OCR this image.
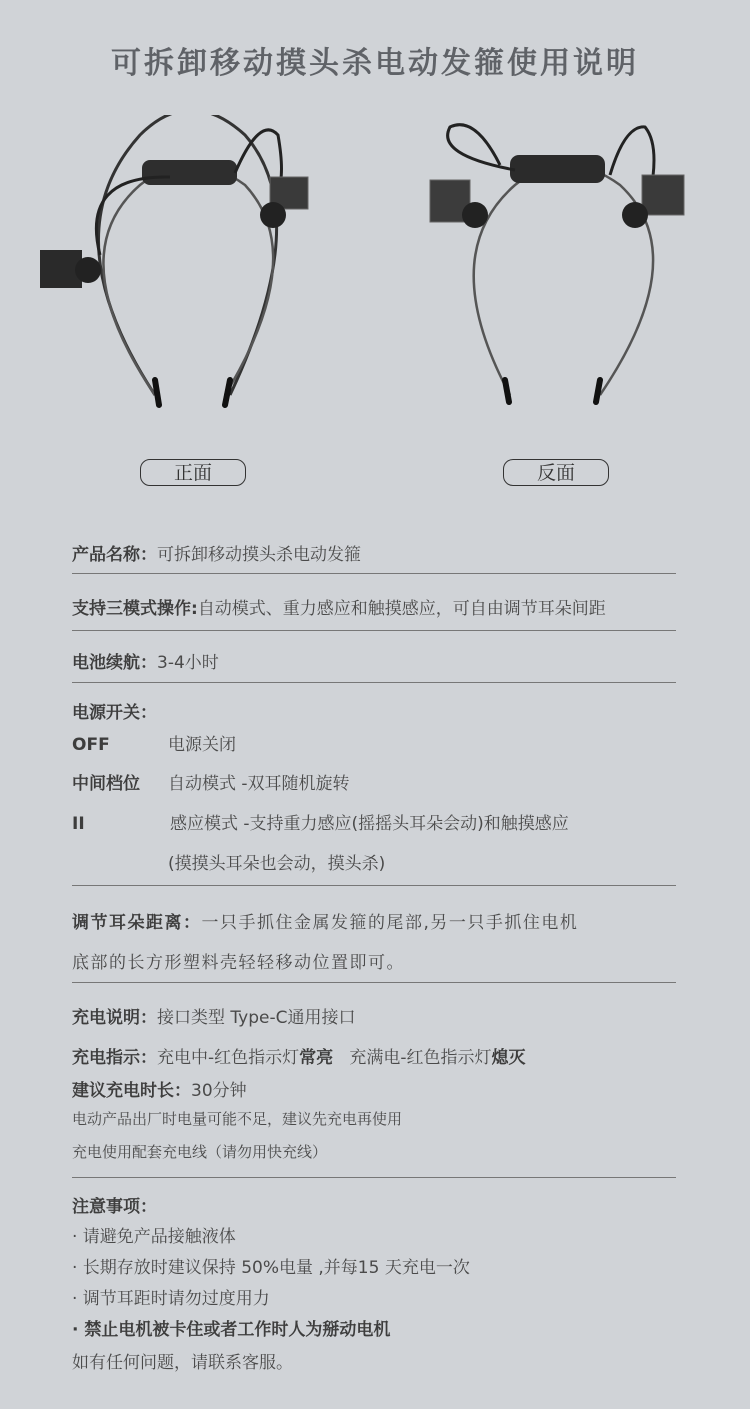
可拆卸移动摸头杀电动发箍使用说明
正面	反面
产品名称：可拆卸移动摸头杀电动发箍
支持三模式操作:自动模式、重力感应和触摸感应，可自由调节耳朵间距
电池续航：3-4小时
电源开关：
OFF	电源关闭
中间档位 自动模式 -双耳随机旋转
II	感应模式 -支持重力感应(摇摇头耳朵会动)和触摸感应
(摸摸头耳朵也会动，摸头杀)
调节耳朵距离：一只手抓住金属发箍的尾部,另一只手抓住电机
底部的长方形塑料壳轻轻移动位置即可。
充电说明：接口类型 Type-C通用接口
充电指示：充电中-红色指示灯常亮 充满电-红色指示灯熄灭
建议充电时长：30分钟
电动产品出厂时电量可能不足，建议先充电再使用
充电使用配套充电线（请勿用快充线）
注意事项：
· 请避免产品接触液体
· 长期存放时建议保持 50%电量 ,并每15 天充电一次
· 调节耳距时请勿过度用力
· 禁止电机被卡住或者工作时人为掰动电机
如有任何问题，请联系客服。
